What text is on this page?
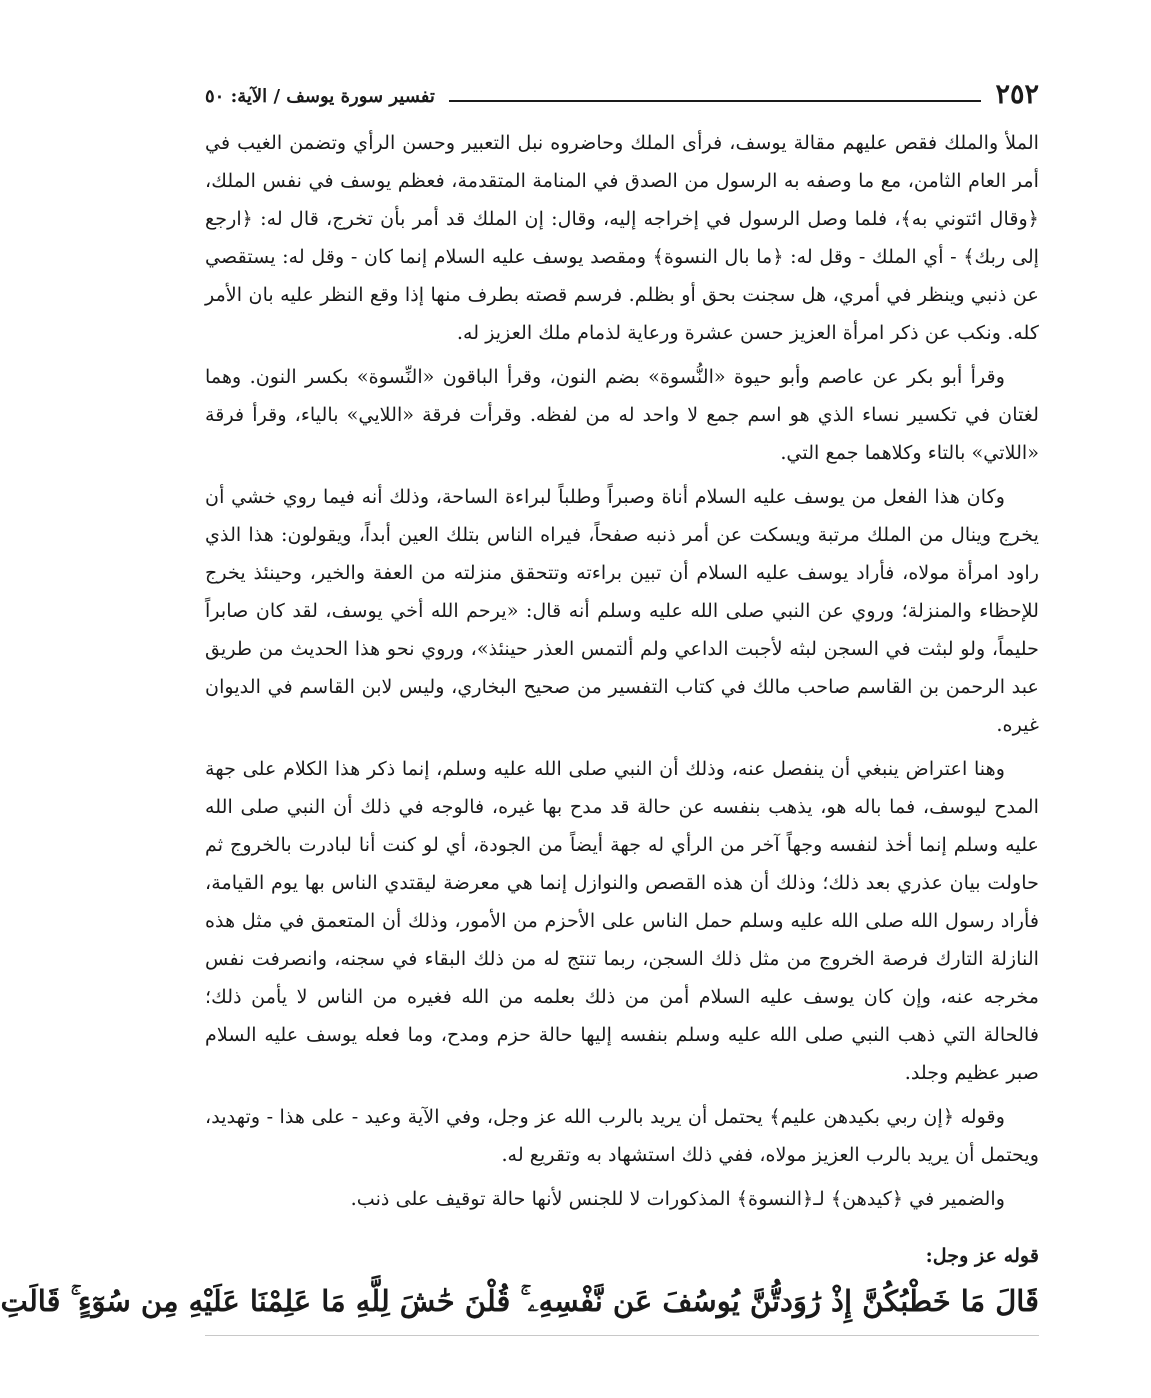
٢٥٢
تفسير سورة يوسف / الآية: ٥٠

الملأ والملك فقص عليهم مقالة يوسف، فرأى الملك وحاضروه نبل التعبير وحسن الرأي وتضمن الغيب في أمر العام الثامن، مع ما وصفه به الرسول من الصدق في المنامة المتقدمة، فعظم يوسف في نفس الملك، ﴿وقال ائتوني به﴾، فلما وصل الرسول في إخراجه إليه، وقال: إن الملك قد أمر بأن تخرج، قال له: ﴿ارجع إلى ربك﴾ - أي الملك - وقل له: ﴿ما بال النسوة﴾ ومقصد يوسف عليه السلام إنما كان - وقل له: يستقصي عن ذنبي وينظر في أمري، هل سجنت بحق أو بظلم. فرسم قصته بطرف منها إذا وقع النظر عليه بان الأمر كله. ونكب عن ذكر امرأة العزيز حسن عشرة ورعاية لذمام ملك العزيز له.

وقرأ أبو بكر عن عاصم وأبو حيوة «النُّسوة» بضم النون، وقرأ الباقون «النِّسوة» بكسر النون. وهما لغتان في تكسير نساء الذي هو اسم جمع لا واحد له من لفظه. وقرأت فرقة «اللايي» بالياء، وقرأ فرقة «اللاتي» بالتاء وكلاهما جمع التي.

وكان هذا الفعل من يوسف عليه السلام أناة وصبراً وطلباً لبراءة الساحة، وذلك أنه فيما روي خشي أن يخرج وينال من الملك مرتبة ويسكت عن أمر ذنبه صفحاً، فيراه الناس بتلك العين أبداً، ويقولون: هذا الذي راود امرأة مولاه، فأراد يوسف عليه السلام أن تبين براءته وتتحقق منزلته من العفة والخير، وحينئذ يخرج للإحظاء والمنزلة؛ وروي عن النبي صلى الله عليه وسلم أنه قال: «يرحم الله أخي يوسف، لقد كان صابراً حليماً، ولو لبثت في السجن لبثه لأجبت الداعي ولم ألتمس العذر حينئذ»، وروي نحو هذا الحديث من طريق عبد الرحمن بن القاسم صاحب مالك في كتاب التفسير من صحيح البخاري، وليس لابن القاسم في الديوان غيره.

وهنا اعتراض ينبغي أن ينفصل عنه، وذلك أن النبي صلى الله عليه وسلم، إنما ذكر هذا الكلام على جهة المدح ليوسف، فما باله هو، يذهب بنفسه عن حالة قد مدح بها غيره، فالوجه في ذلك أن النبي صلى الله عليه وسلم إنما أخذ لنفسه وجهاً آخر من الرأي له جهة أيضاً من الجودة، أي لو كنت أنا لبادرت بالخروج ثم حاولت بيان عذري بعد ذلك؛ وذلك أن هذه القصص والنوازل إنما هي معرضة ليقتدي الناس بها يوم القيامة، فأراد رسول الله صلى الله عليه وسلم حمل الناس على الأحزم من الأمور، وذلك أن المتعمق في مثل هذه النازلة التارك فرصة الخروج من مثل ذلك السجن، ربما تنتج له من ذلك البقاء في سجنه، وانصرفت نفس مخرجه عنه، وإن كان يوسف عليه السلام أمن من ذلك بعلمه من الله فغيره من الناس لا يأمن ذلك؛ فالحالة التي ذهب النبي صلى الله عليه وسلم بنفسه إليها حالة حزم ومدح، وما فعله يوسف عليه السلام صبر عظيم وجلد.

وقوله ﴿إن ربي بكيدهن عليم﴾ يحتمل أن يريد بالرب الله عز وجل، وفي الآية وعيد - على هذا - وتهديد، ويحتمل أن يريد بالرب العزيز مولاه، ففي ذلك استشهاد به وتقريع له.

والضمير في ﴿كيدهن﴾ لـ﴿النسوة﴾ المذكورات لا للجنس لأنها حالة توقيف على ذنب.

قوله عز وجل:
قَالَ مَا خَطْبُكُنَّ إِذْ رَٰوَدتُّنَّ يُوسُفَ عَن نَّفْسِهِۦ ۚ قُلْنَ حَٰشَ لِلَّهِ مَا عَلِمْنَا عَلَيْهِ مِن سُوٓءٍ ۚ قَالَتِ
